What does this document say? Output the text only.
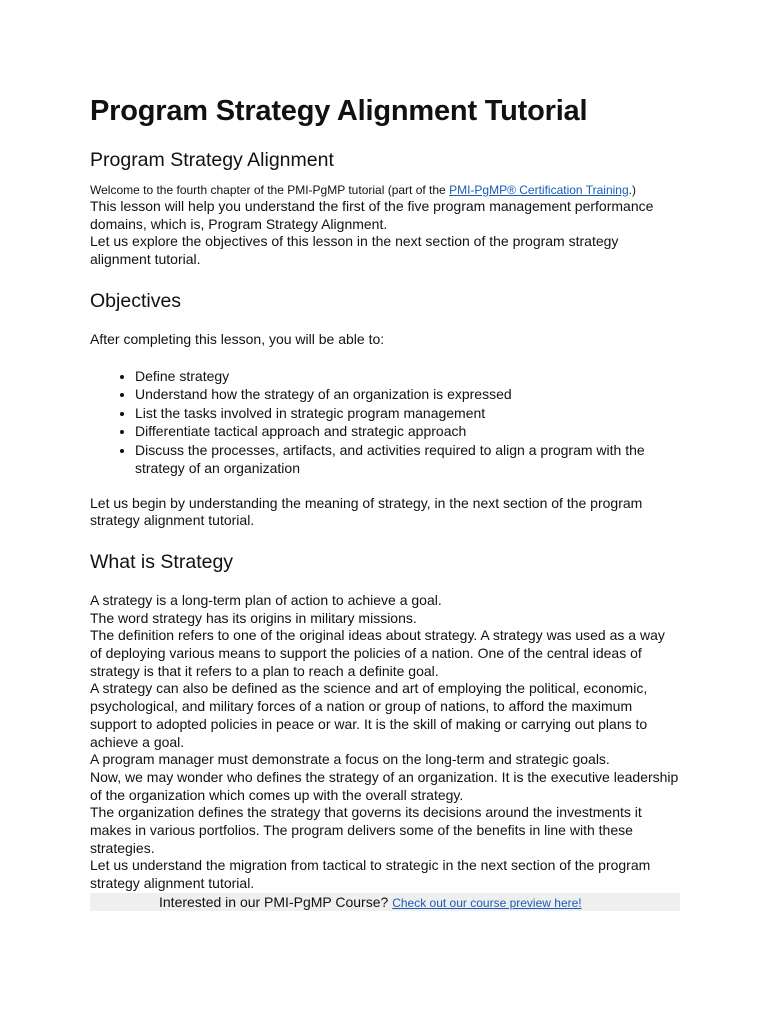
Program Strategy Alignment Tutorial
Program Strategy Alignment
Welcome to the fourth chapter of the PMI-PgMP tutorial (part of the PMI-PgMP® Certification Training.)

This lesson will help you understand the first of the five program management performance domains, which is, Program Strategy Alignment.

Let us explore the objectives of this lesson in the next section of the program strategy alignment tutorial.

Objectives

After completing this lesson, you will be able to:

• Define strategy
• Understand how the strategy of an organization is expressed
• List the tasks involved in strategic program management
• Differentiate tactical approach and strategic approach
• Discuss the processes, artifacts, and activities required to align a program with the strategy of an organization

Let us begin by understanding the meaning of strategy, in the next section of the program strategy alignment tutorial.

What is Strategy

A strategy is a long-term plan of action to achieve a goal.

The word strategy has its origins in military missions.

The definition refers to one of the original ideas about strategy. A strategy was used as a way of deploying various means to support the policies of a nation. One of the central ideas of strategy is that it refers to a plan to reach a definite goal.

A strategy can also be defined as the science and art of employing the political, economic, psychological, and military forces of a nation or group of nations, to afford the maximum support to adopted policies in peace or war. It is the skill of making or carrying out plans to achieve a goal.

A program manager must demonstrate a focus on the long-term and strategic goals.

Now, we may wonder who defines the strategy of an organization. It is the executive leadership of the organization which comes up with the overall strategy.

The organization defines the strategy that governs its decisions around the investments it makes in various portfolios. The program delivers some of the benefits in line with these strategies.

Let us understand the migration from tactical to strategic in the next section of the program strategy alignment tutorial.

Interested in our PMI-PgMP Course? Check out our course preview here!
